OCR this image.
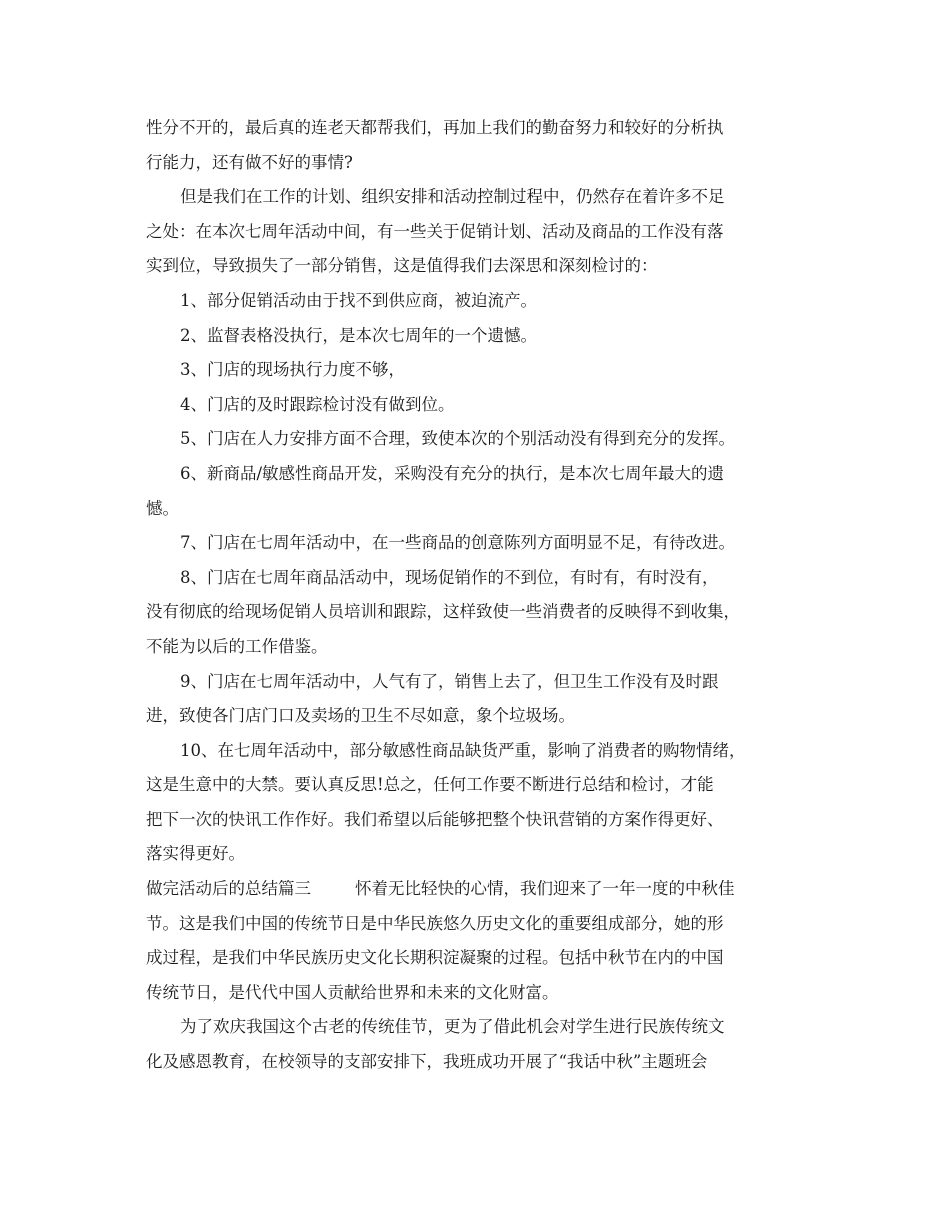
性分不开的，最后真的连老天都帮我们，再加上我们的勤奋努力和较好的分析执
行能力，还有做不好的事情?
但是我们在工作的计划、组织安排和活动控制过程中，仍然存在着许多不足
之处：在本次七周年活动中间，有一些关于促销计划、活动及商品的工作没有落
实到位，导致损失了一部分销售，这是值得我们去深思和深刻检讨的：
1、部分促销活动由于找不到供应商，被迫流产。
2、监督表格没执行，是本次七周年的一个遗憾。
3、门店的现场执行力度不够，
4、门店的及时跟踪检讨没有做到位。
5、门店在人力安排方面不合理，致使本次的个别活动没有得到充分的发挥。
6、新商品/敏感性商品开发，采购没有充分的执行，是本次七周年最大的遗
憾。
7、门店在七周年活动中，在一些商品的创意陈列方面明显不足，有待改进。
8、门店在七周年商品活动中，现场促销作的不到位，有时有，有时没有，
没有彻底的给现场促销人员培训和跟踪，这样致使一些消费者的反映得不到收集，
不能为以后的工作借鉴。
9、门店在七周年活动中，人气有了，销售上去了，但卫生工作没有及时跟
进，致使各门店门口及卖场的卫生不尽如意，象个垃圾场。
10、在七周年活动中，部分敏感性商品缺货严重，影响了消费者的购物情绪，
这是生意中的大禁。要认真反思!总之，任何工作要不断进行总结和检讨，才能
把下一次的快讯工作作好。我们希望以后能够把整个快讯营销的方案作得更好、
落实得更好。
做完活动后的总结篇三	怀着无比轻快的心情，我们迎来了一年一度的中秋佳
节。这是我们中国的传统节日是中华民族悠久历史文化的重要组成部分，她的形
成过程，是我们中华民族历史文化长期积淀凝聚的过程。包括中秋节在内的中国
传统节日，是代代中国人贡献给世界和未来的文化财富。
为了欢庆我国这个古老的传统佳节，更为了借此机会对学生进行民族传统文
化及感恩教育，在校领导的支部安排下，我班成功开展了“我话中秋”主题班会
